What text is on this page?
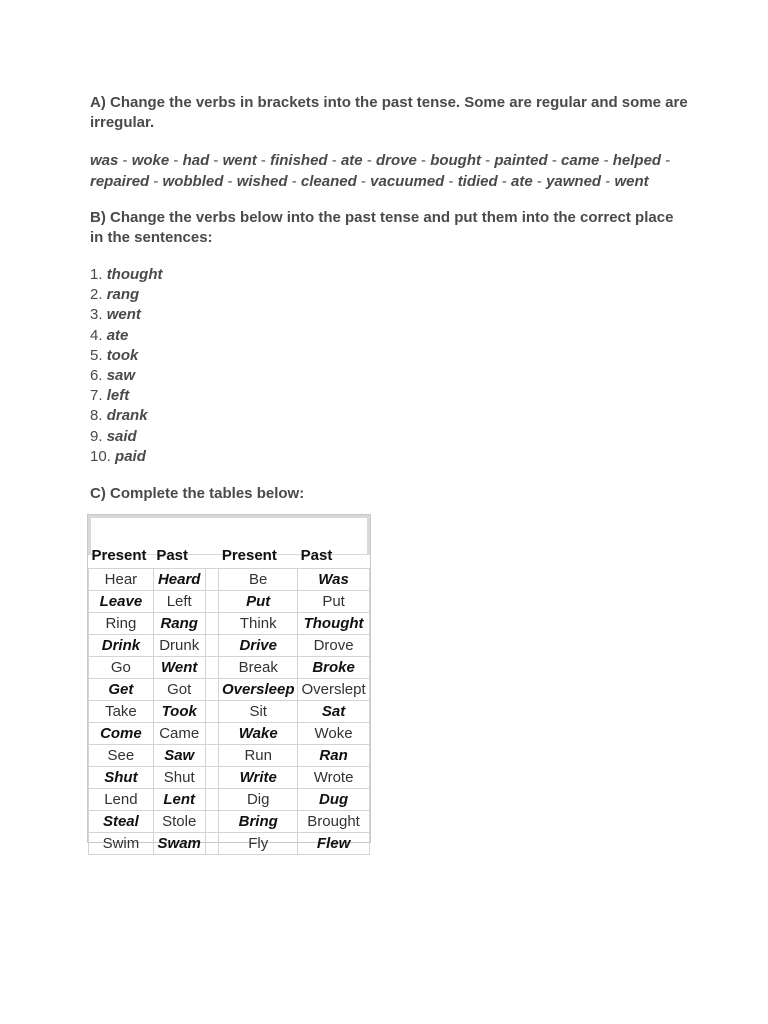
A) Change the verbs in brackets into the past tense. Some are regular and some are irregular.

was - woke - had - went - finished - ate - drove - bought - painted - came - helped -
repaired - wobbled - wished - cleaned - vacuumed - tidied - ate - yawned - went

B) Change the verbs below into the past tense and put them into the correct place in the sentences:

1. thought
2. rang
3. went
4. ate
5. took
6. saw
7. left
8. drank
9. said
10. paid

C) Complete the tables below:

Present	Past		Present	Past
Hear	Heard		Be	Was
Leave	Left		Put	Put
Ring	Rang		Think	Thought
Drink	Drunk		Drive	Drove
Go	Went		Break	Broke
Get	Got		Oversleep	Overslept
Take	Took		Sit	Sat
Come	Came		Wake	Woke
See	Saw		Run	Ran
Shut	Shut		Write	Wrote
Lend	Lent		Dig	Dug
Steal	Stole		Bring	Brought
Swim	Swam		Fly	Flew
